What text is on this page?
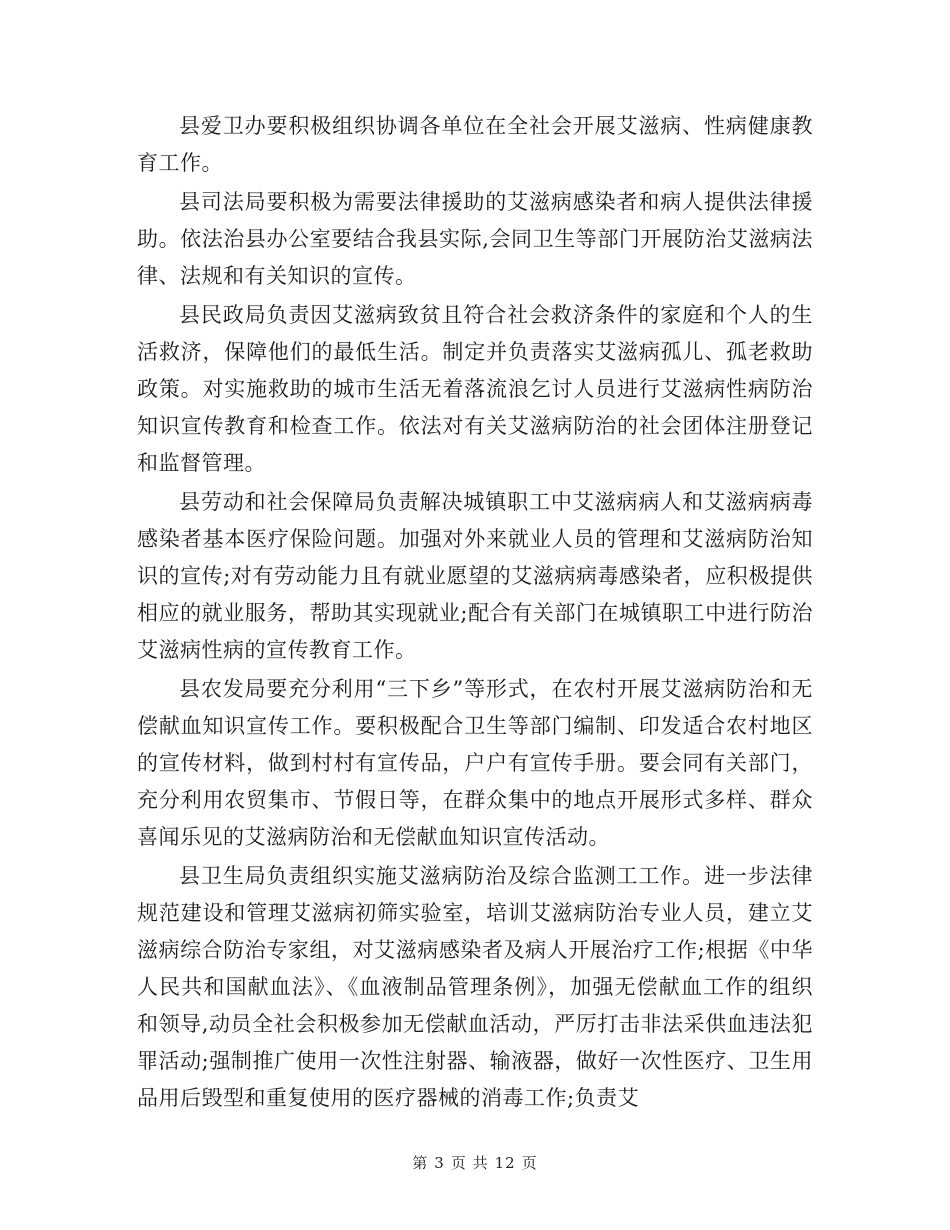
县爱卫办要积极组织协调各单位在全社会开展艾滋病、性病健康教育工作。

县司法局要积极为需要法律援助的艾滋病感染者和病人提供法律援助。依法治县办公室要结合我县实际,会同卫生等部门开展防治艾滋病法律、法规和有关知识的宣传。

县民政局负责因艾滋病致贫且符合社会救济条件的家庭和个人的生活救济，保障他们的最低生活。制定并负责落实艾滋病孤儿、孤老救助政策。对实施救助的城市生活无着落流浪乞讨人员进行艾滋病性病防治知识宣传教育和检查工作。依法对有关艾滋病防治的社会团体注册登记和监督管理。

县劳动和社会保障局负责解决城镇职工中艾滋病病人和艾滋病病毒感染者基本医疗保险问题。加强对外来就业人员的管理和艾滋病防治知识的宣传;对有劳动能力且有就业愿望的艾滋病病毒感染者，应积极提供相应的就业服务，帮助其实现就业;配合有关部门在城镇职工中进行防治艾滋病性病的宣传教育工作。

县农发局要充分利用“三下乡”等形式，在农村开展艾滋病防治和无偿献血知识宣传工作。要积极配合卫生等部门编制、印发适合农村地区的宣传材料，做到村村有宣传品，户户有宣传手册。要会同有关部门，充分利用农贸集市、节假日等，在群众集中的地点开展形式多样、群众喜闻乐见的艾滋病防治和无偿献血知识宣传活动。

县卫生局负责组织实施艾滋病防治及综合监测工工作。进一步法律规范建设和管理艾滋病初筛实验室，培训艾滋病防治专业人员，建立艾滋病综合防治专家组，对艾滋病感染者及病人开展治疗工作;根据《中华人民共和国献血法》、《血液制品管理条例》，加强无偿献血工作的组织和领导,动员全社会积极参加无偿献血活动，严厉打击非法采供血违法犯罪活动;强制推广使用一次性注射器、输液器，做好一次性医疗、卫生用品用后毁型和重复使用的医疗器械的消毒工作;负责艾

第 3 页 共 12 页
